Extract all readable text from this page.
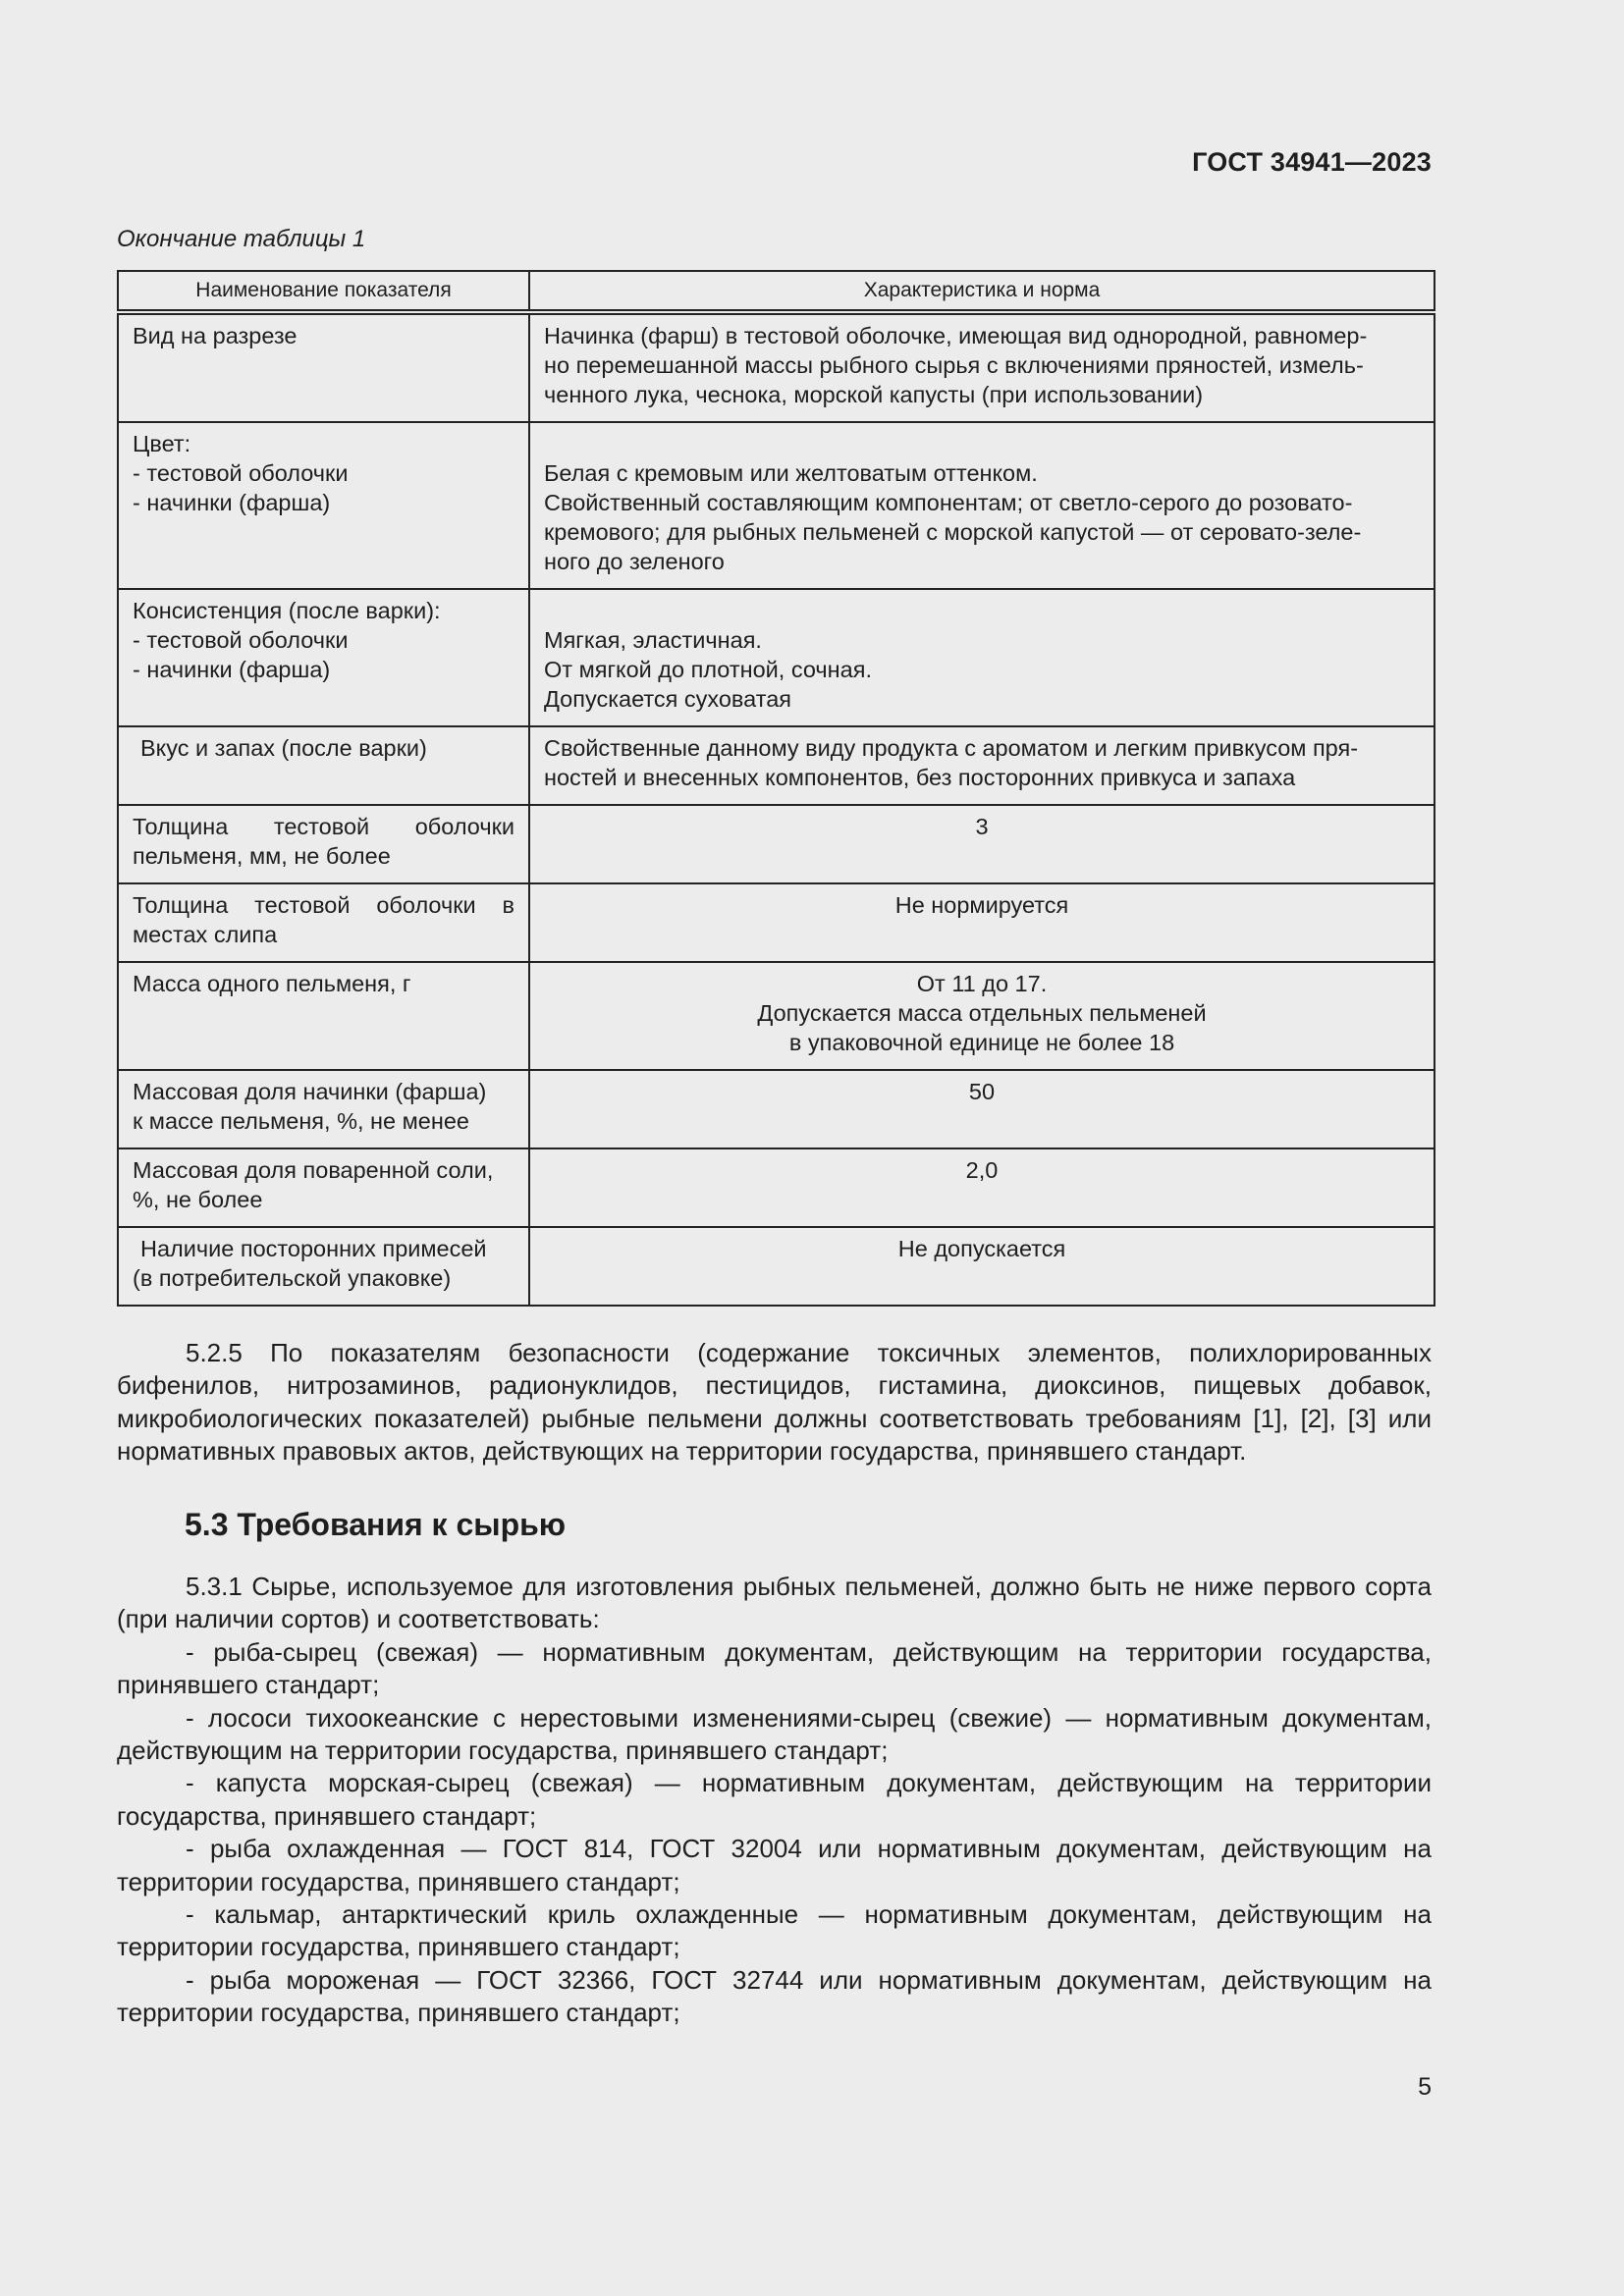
ГОСТ 34941—2023
Окончание таблицы 1
Наименование показателя	Характеристика и норма

Вид на разрезе	Начинка (фарш) в тестовой оболочке, имеющая вид однородной, равномер-
но перемешанной массы рыбного сырья с включениями пряностей, измель-
ченного лука, чеснока, морской капусты (при использовании)

Цвет:
- тестовой оболочки
- начинки (фарша)	Белая с кремовым или желтоватым оттенком.
Свойственный составляющим компонентам; от светло-серого до розовато-
кремового; для рыбных пельменей с морской капустой — от серовато-зеле-
ного до зеленого

Консистенция (после варки):
- тестовой оболочки
- начинки (фарша)	Мягкая, эластичная.
От мягкой до плотной, сочная.
Допускается суховатая

Вкус и запах (после варки)	Свойственные данному виду продукта с ароматом и легким привкусом пря-
ностей и внесенных компонентов, без посторонних привкуса и запаха

Толщина тестовой оболочки
пельменя, мм, не более	3

Толщина тестовой оболочки в
местах слипа	Не нормируется

Масса одного пельменя, г	От 11 до 17.
Допускается масса отдельных пельменей
в упаковочной единице не более 18

Массовая доля начинки (фарша)
к массе пельменя, %, не менее	50

Массовая доля поваренной соли,
%, не более	2,0

Наличие посторонних примесей
(в потребительской упаковке)	Не допускается

5.2.5 По показателям безопасности (содержание токсичных элементов, полихлорированных бифенилов, нитрозаминов, радионуклидов, пестицидов, гистамина, диоксинов, пищевых добавок, микробиологических показателей) рыбные пельмени должны соответствовать требованиям [1], [2], [3] или нормативных правовых актов, действующих на территории государства, принявшего стандарт.

5.3 Требования к сырью

5.3.1 Сырье, используемое для изготовления рыбных пельменей, должно быть не ниже первого сорта (при наличии сортов) и соответствовать:

- рыба-сырец (свежая) — нормативным документам, действующим на территории государства, принявшего стандарт;

- лососи тихоокеанские с нерестовыми изменениями-сырец (свежие) — нормативным документам, действующим на территории государства, принявшего стандарт;

- капуста морская-сырец (свежая) — нормативным документам, действующим на территории государства, принявшего стандарт;

- рыба охлажденная — ГОСТ 814, ГОСТ 32004 или нормативным документам, действующим на территории государства, принявшего стандарт;

- кальмар, антарктический криль охлажденные — нормативным документам, действующим на территории государства, принявшего стандарт;

- рыба мороженая — ГОСТ 32366, ГОСТ 32744 или нормативным документам, действующим на территории государства, принявшего стандарт;

5
